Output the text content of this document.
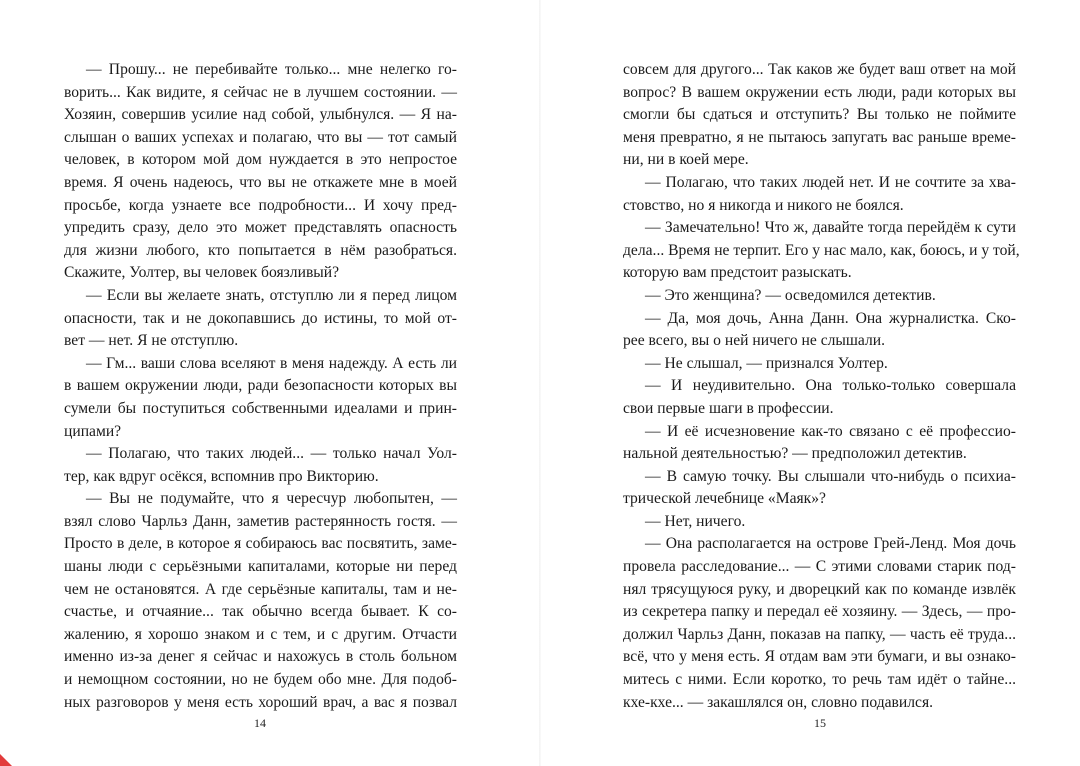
— Прошу... не перебивайте только... мне нелегко го-
ворить... Как видите, я сейчас не в лучшем состоянии. —
Хозяин, совершив усилие над собой, улыбнулся. — Я на-
слышан о ваших успехах и полагаю, что вы — тот самый
человек, в котором мой дом нуждается в это непростое
время. Я очень надеюсь, что вы не откажете мне в моей
просьбе, когда узнаете все подробности... И хочу пред-
упредить сразу, дело это может представлять опасность
для жизни любого, кто попытается в нём разобраться.
Скажите, Уолтер, вы человек боязливый?
— Если вы желаете знать, отступлю ли я перед лицом
опасности, так и не докопавшись до истины, то мой от-
вет — нет. Я не отступлю.
— Гм... ваши слова вселяют в меня надежду. А есть ли
в вашем окружении люди, ради безопасности которых вы
сумели бы поступиться собственными идеалами и прин-
ципами?
— Полагаю, что таких людей... — только начал Уол-
тер, как вдруг осёкся, вспомнив про Викторию.
— Вы не подумайте, что я чересчур любопытен, —
взял слово Чарльз Данн, заметив растерянность гостя. —
Просто в деле, в которое я собираюсь вас посвятить, заме-
шаны люди с серьёзными капиталами, которые ни перед
чем не остановятся. А где серьёзные капиталы, там и не-
счастье, и отчаяние... так обычно всегда бывает. К со-
жалению, я хорошо знаком и с тем, и с другим. Отчасти
именно из-за денег я сейчас и нахожусь в столь больном
и немощном состоянии, но не будем обо мне. Для подоб-
ных разговоров у меня есть хороший врач, а вас я позвал
14
совсем для другого... Так каков же будет ваш ответ на мой
вопрос? В вашем окружении есть люди, ради которых вы
смогли бы сдаться и отступить? Вы только не поймите
меня превратно, я не пытаюсь запугать вас раньше време-
ни, ни в коей мере.
— Полагаю, что таких людей нет. И не сочтите за хва-
стовство, но я никогда и никого не боялся.
— Замечательно! Что ж, давайте тогда перейдём к сути
дела... Время не терпит. Его у нас мало, как, боюсь, и у той,
которую вам предстоит разыскать.
— Это женщина? — осведомился детектив.
— Да, моя дочь, Анна Данн. Она журналистка. Ско-
рее всего, вы о ней ничего не слышали.
— Не слышал, — признался Уолтер.
— И неудивительно. Она только-только совершала
свои первые шаги в профессии.
— И её исчезновение как-то связано с её профессио-
нальной деятельностью? — предположил детектив.
— В самую точку. Вы слышали что-нибудь о психиа-
трической лечебнице «Маяк»?
— Нет, ничего.
— Она располагается на острове Грей-Ленд. Моя дочь
провела расследование... — С этими словами старик под-
нял трясущуюся руку, и дворецкий как по команде извлёк
из секретера папку и передал её хозяину. — Здесь, — про-
должил Чарльз Данн, показав на папку, — часть её труда...
всё, что у меня есть. Я отдам вам эти бумаги, и вы ознако-
митесь с ними. Если коротко, то речь там идёт о тайне...
кхе-кхе... — закашлялся он, словно подавился.
15
